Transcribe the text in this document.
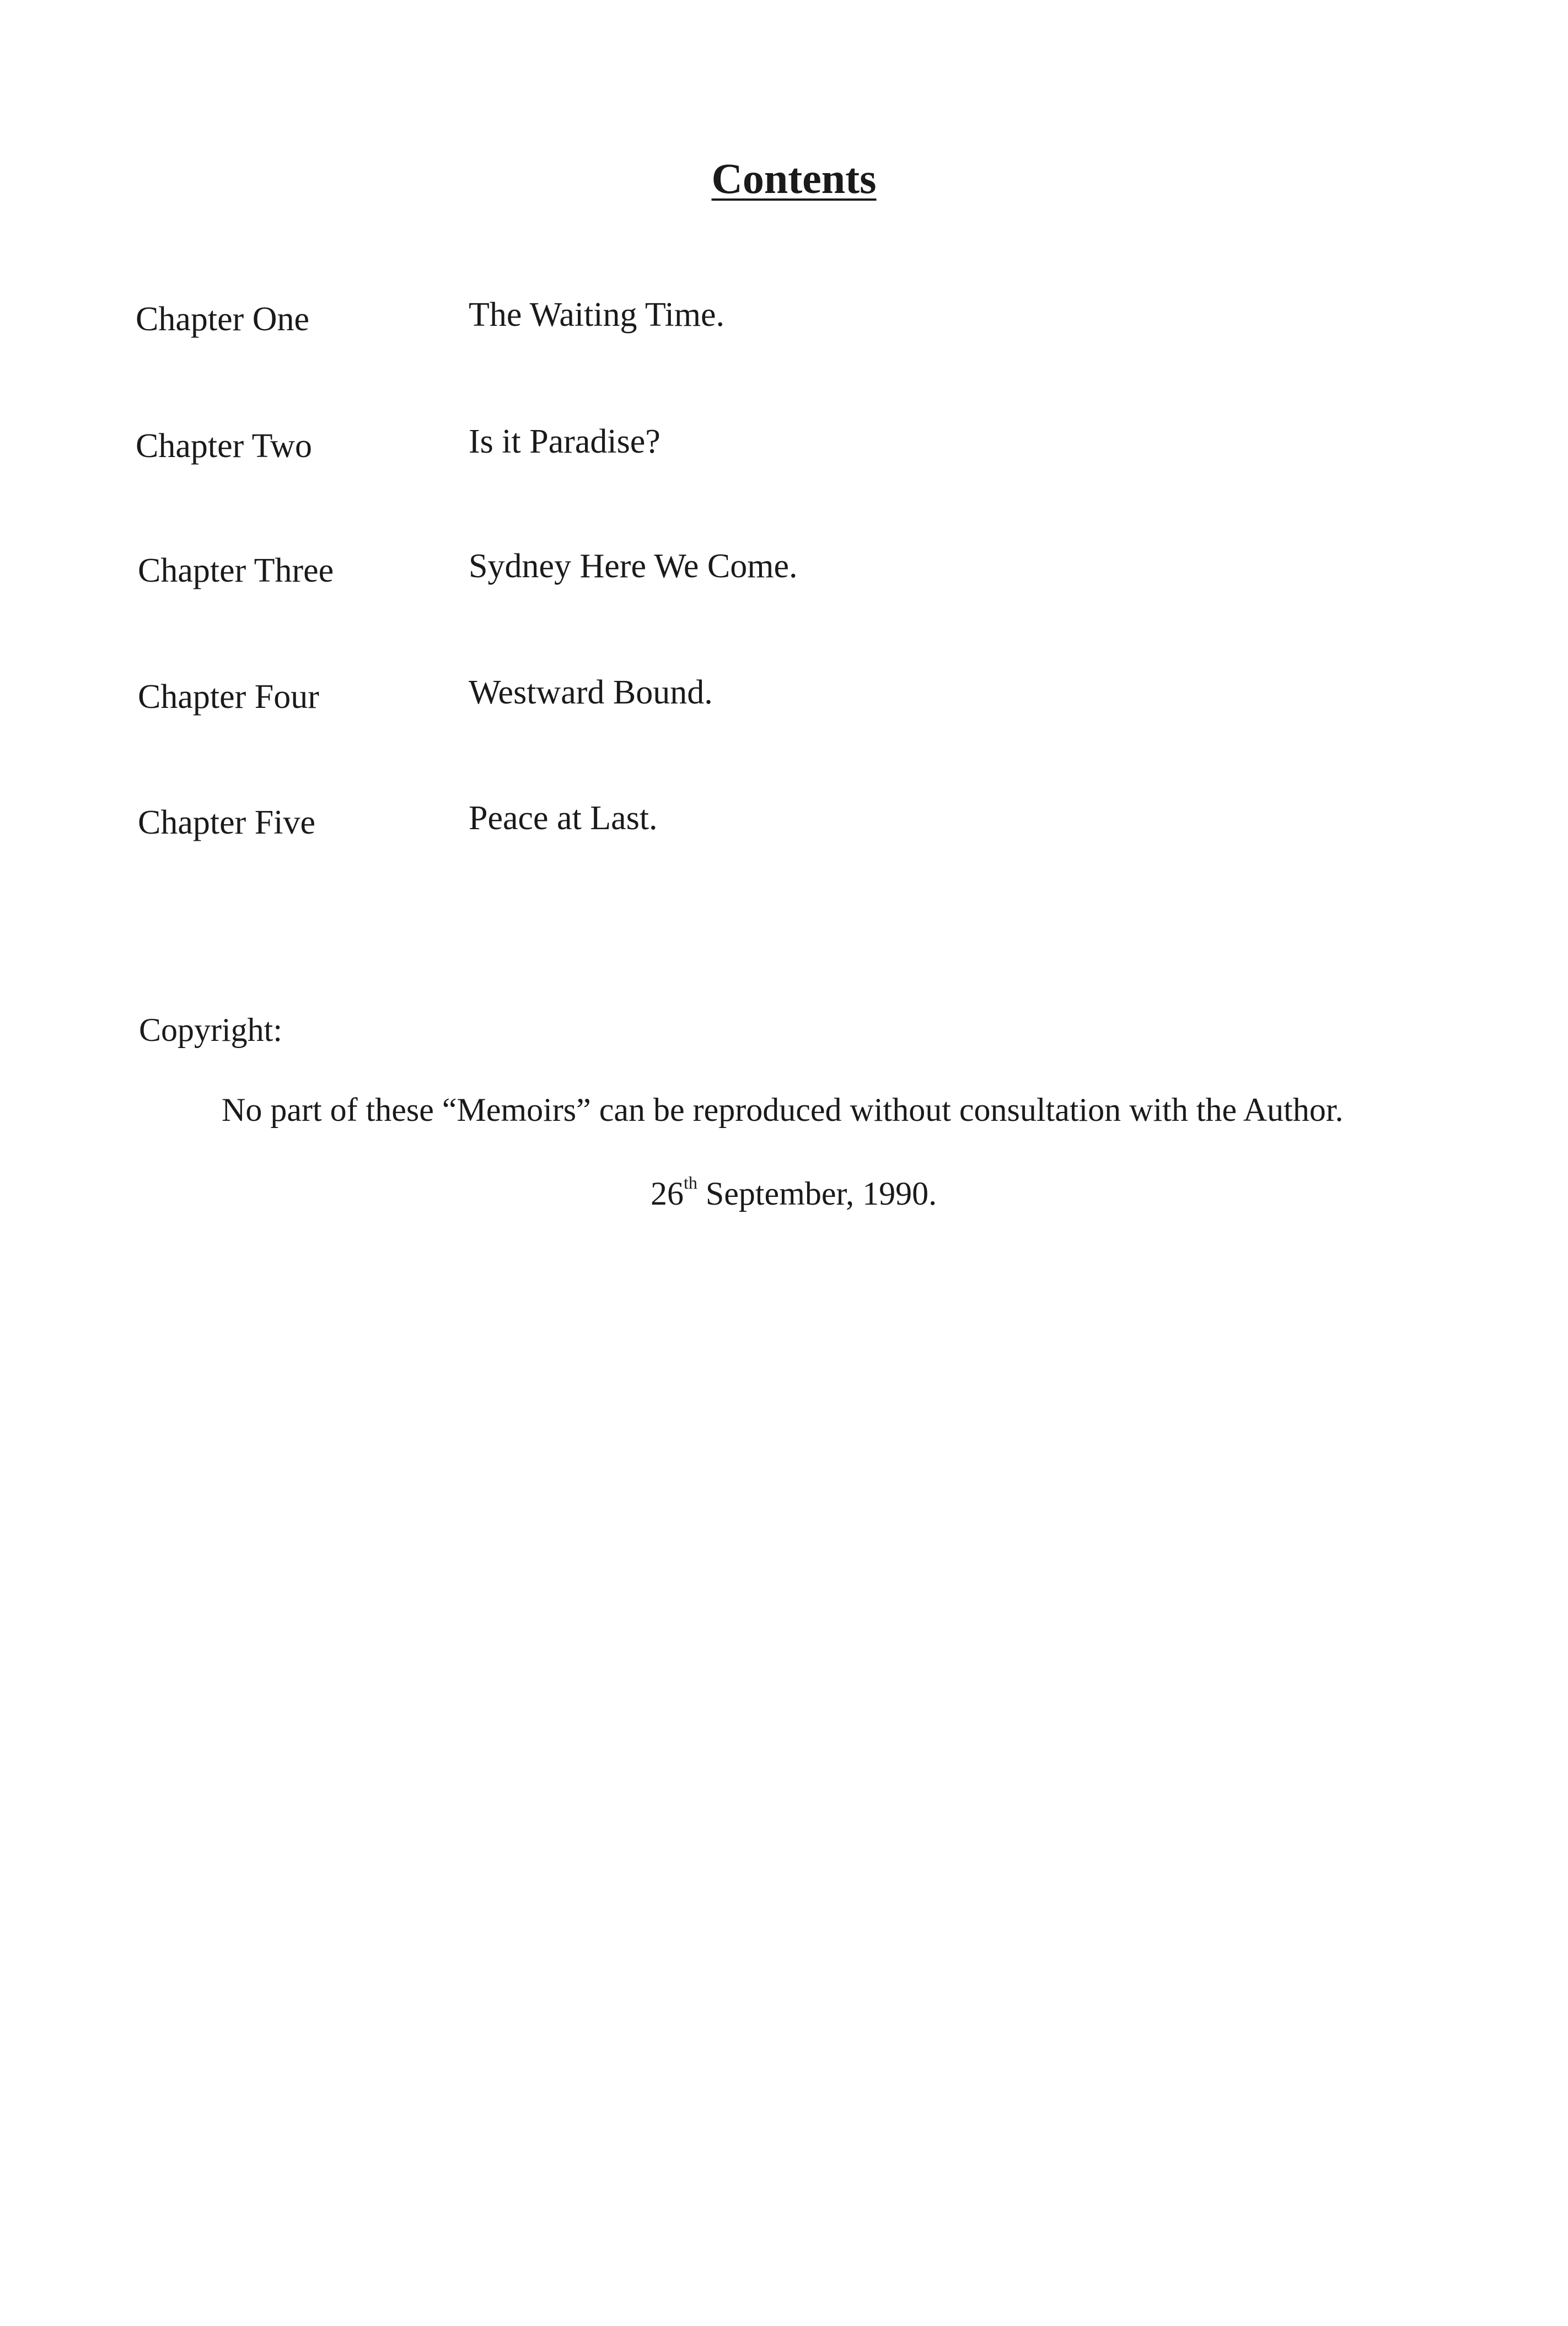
Contents
Chapter One	The Waiting Time.
Chapter Two	Is it Paradise?
Chapter Three	Sydney Here We Come.
Chapter Four	Westward Bound.
Chapter Five	Peace at Last.
Copyright:
No part of these “Memoirs” can be reproduced without consultation with the Author.
26th September, 1990.
